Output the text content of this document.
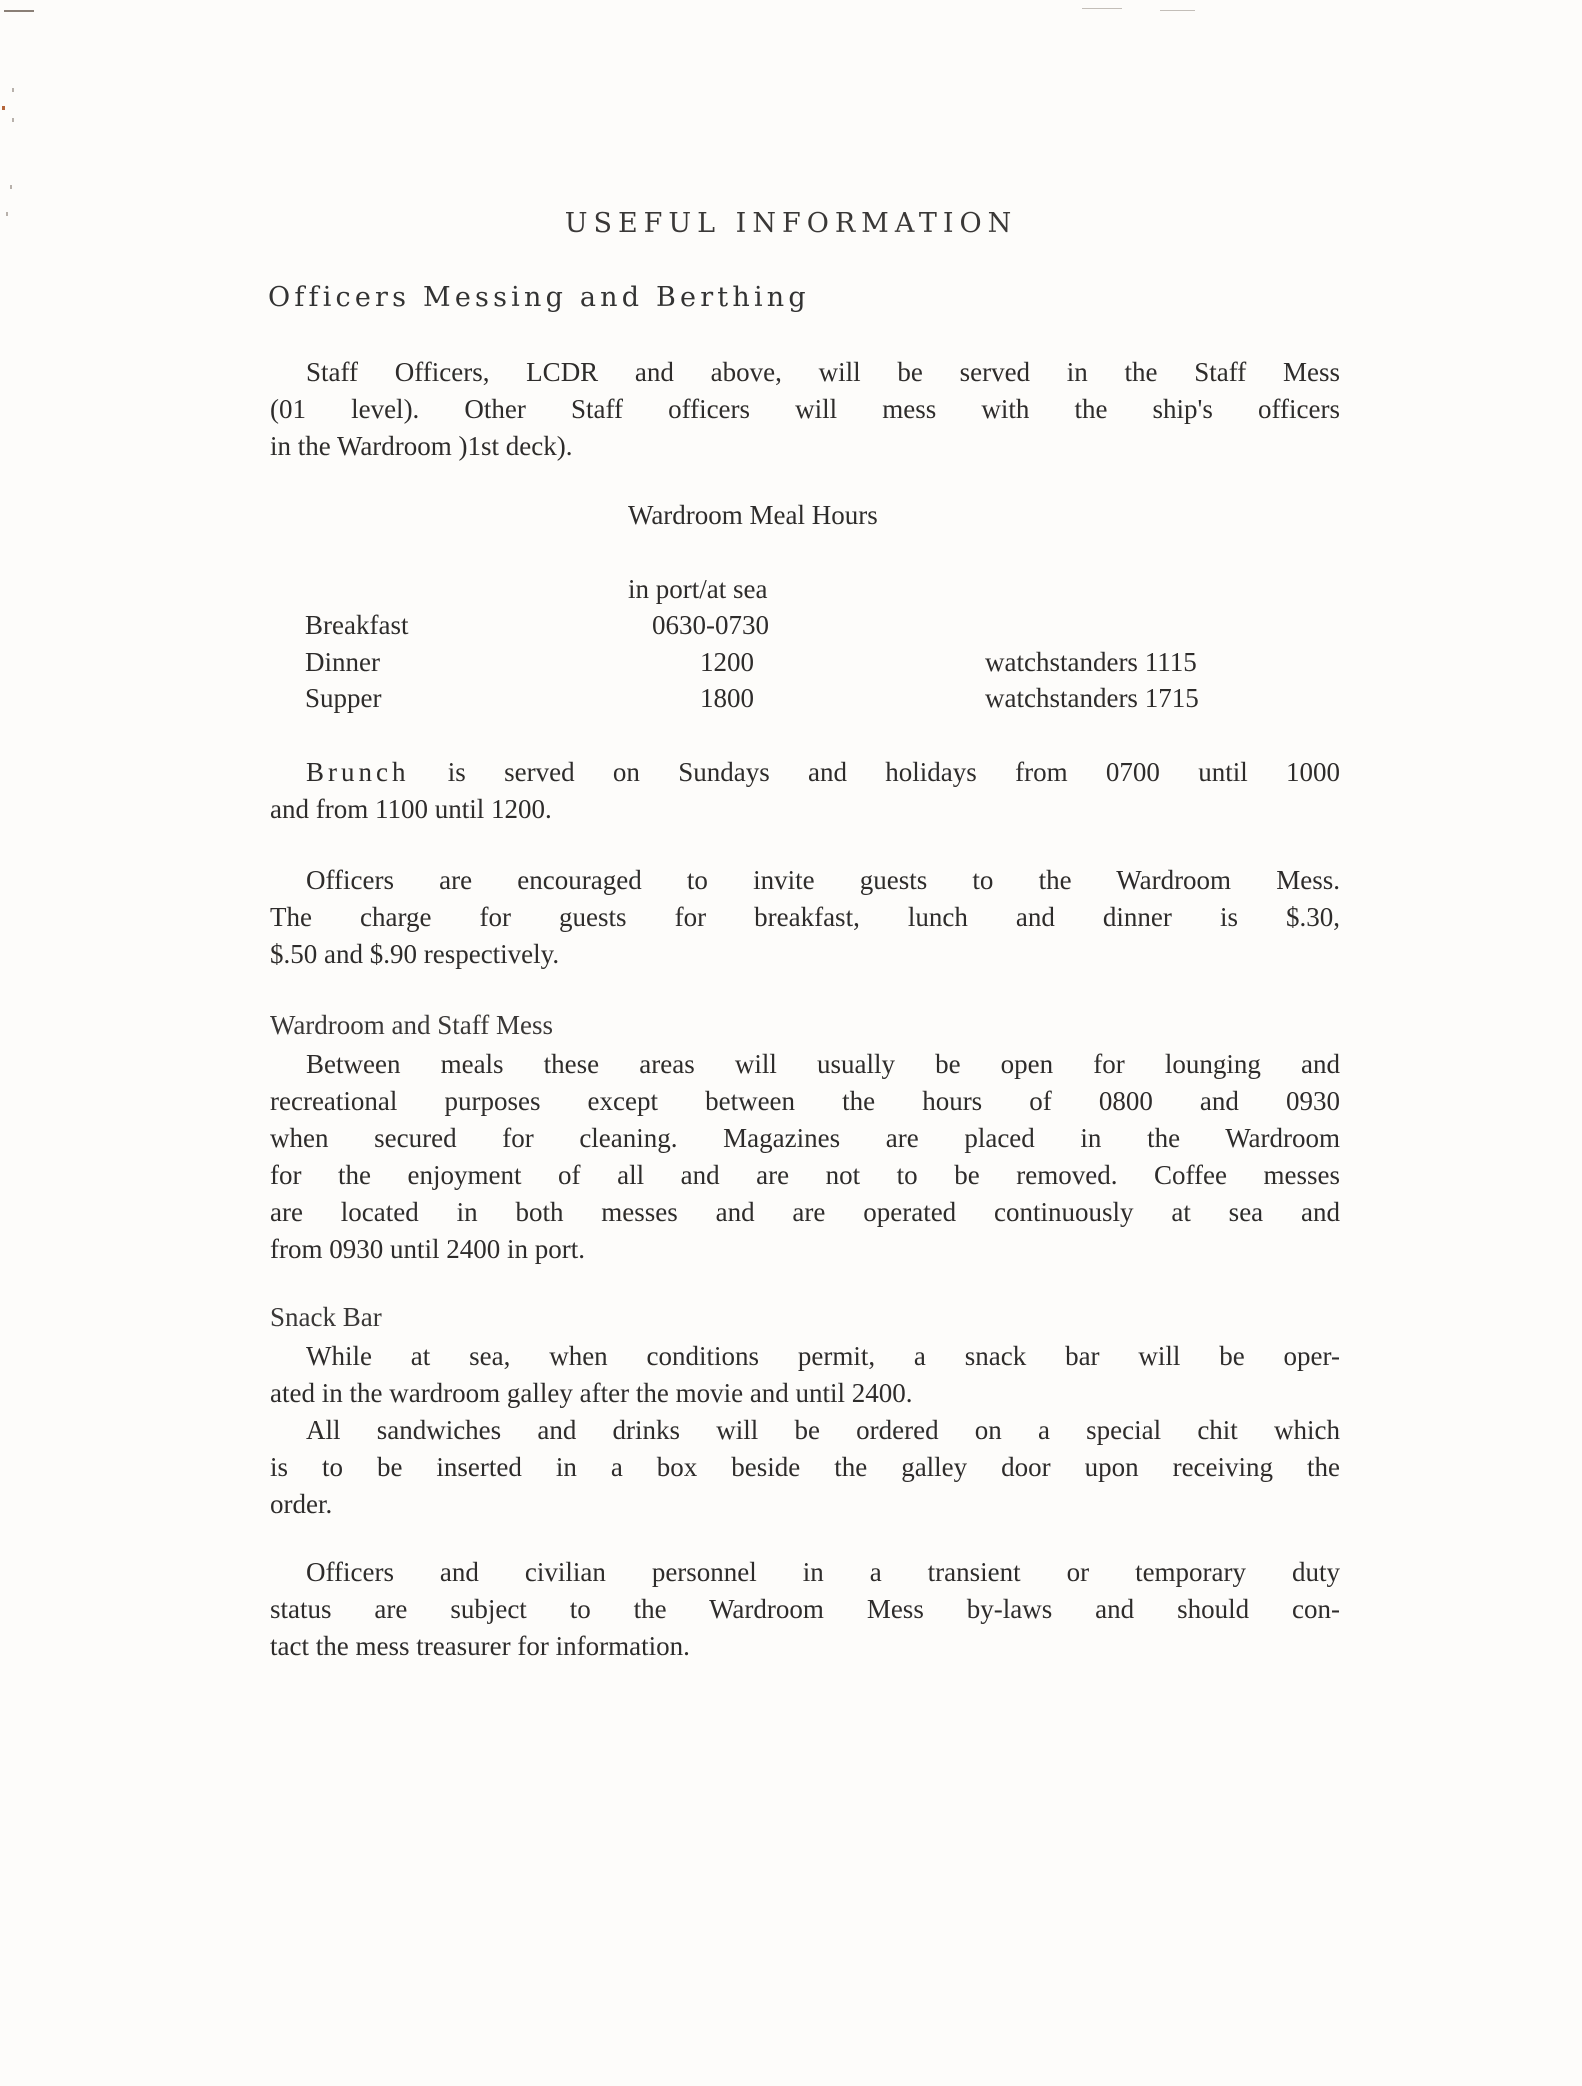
USEFUL INFORMATION
Officers Messing and Berthing
Staff Officers, LCDR and above, will be served in the Staff Mess
(01 level). Other Staff officers will mess with the ship's officers
in the Wardroom )1st deck).
Wardroom Meal Hours
in port/at sea
Breakfast	0630-0730
Dinner	1200	watchstanders 1115
Supper	1800	watchstanders 1715
Brunch is served on Sundays and holidays from 0700 until 1000
and from 1100 until 1200.
Officers are encouraged to invite guests to the Wardroom Mess.
The charge for guests for breakfast, lunch and dinner is $.30,
$.50 and $.90 respectively.
Wardroom and Staff Mess
Between meals these areas will usually be open for lounging and
recreational purposes except between the hours of 0800 and 0930
when secured for cleaning. Magazines are placed in the Wardroom
for the enjoyment of all and are not to be removed. Coffee messes
are located in both messes and are operated continuously at sea and
from 0930 until 2400 in port.
Snack Bar
While at sea, when conditions permit, a snack bar will be oper-
ated in the wardroom galley after the movie and until 2400.
All sandwiches and drinks will be ordered on a special chit which
is to be inserted in a box beside the galley door upon receiving the
order.
Officers and civilian personnel in a transient or temporary duty
status are subject to the Wardroom Mess by-laws and should con-
tact the mess treasurer for information.
